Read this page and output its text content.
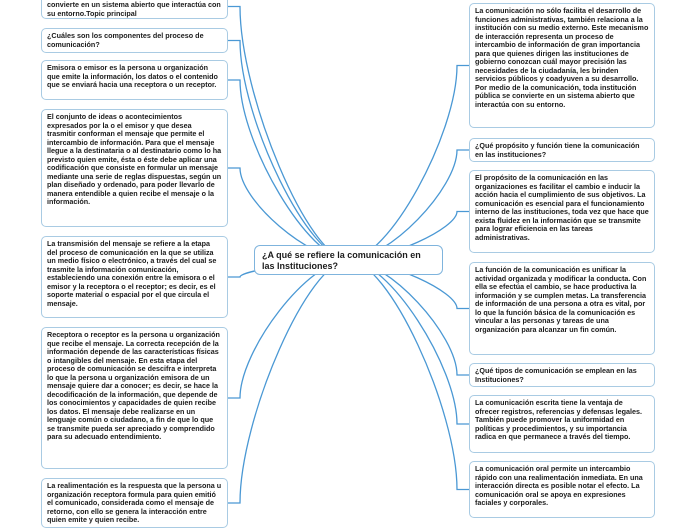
¿A qué se refiere la comunicación en las Instituciones?
convierte en un sistema abierto que interactúa con su entorno.Topic principal
¿Cuáles son los componentes del proceso de comunicación?
Emisora o emisor es la persona u organización que emite la información, los datos o el contenido que se enviará hacia una receptora o un receptor.
El conjunto de ideas o acontecimientos expresados por la o el emisor y que desea trasmitir conforman el mensaje que permite el intercambio de información. Para que el mensaje llegue a la destinataria o al destinatario como lo ha previsto quien emite, ésta o éste debe aplicar una codificación que consiste en formular un mensaje mediante una serie de reglas dispuestas, según un plan diseñado y ordenado, para poder llevarlo de manera entendible a quien recibe el mensaje o la información.
La transmisión del mensaje se refiere a la etapa del proceso de comunicación en la que se utiliza un medio físico o electrónico, a través del cual se trasmite la información comunicación, estableciendo una conexión entre la emisora o el emisor y la receptora o el receptor; es decir, es el soporte material o espacial por el que circula el mensaje.
Receptora o receptor es la persona u organización que recibe el mensaje. La correcta recepción de la información depende de las características físicas o intangibles del mensaje. En esta etapa del proceso de comunicación se descifra e interpreta lo que la persona u organización emisora de un mensaje quiere dar a conocer; es decir, se hace la decodificación de la información, que depende de los conocimientos y capacidades de quien recibe los datos. El mensaje debe realizarse en un lenguaje común o ciudadano, a fin de que lo que se transmite pueda ser apreciado y comprendido para su adecuado entendimiento.
La realimentación es la respuesta que la persona u organización receptora formula para quien emitió el comunicado, considerada como el mensaje de retorno, con ello se genera la interacción entre quien emite y quien recibe.
La comunicación no sólo facilita el desarrollo de funciones administrativas, también relaciona a la institución con su medio externo. Este mecanismo de interacción representa un proceso de intercambio de información de gran importancia para que quienes dirigen las instituciones de gobierno conozcan cuál mayor precisión las necesidades de la ciudadanía, les brinden servicios públicos y coadyuven a su desarrollo. Por medio de la comunicación, toda institución pública se convierte en un sistema abierto que interactúa con su entorno.
¿Qué propósito y función tiene la comunicación en las instituciones?
El propósito de la comunicación en las organizaciones es facilitar el cambio e inducir la acción hacia el cumplimiento de sus objetivos. La comunicación es esencial para el funcionamiento interno de las instituciones, toda vez que hace que exista fluidez en la información que se transmite para lograr eficiencia en las tareas administrativas.
La función de la comunicación es unificar la actividad organizada y modificar la conducta. Con ella se efectúa el cambio, se hace productiva la información y se cumplen metas. La transferencia de información de una persona a otra es vital, por lo que la función básica de la comunicación es vincular a las personas y tareas de una organización para alcanzar un fin común.
¿Qué tipos de comunicación se emplean en las Instituciones?
La comunicación escrita tiene la ventaja de ofrecer registros, referencias y defensas legales. También puede promover la uniformidad en políticas y procedimientos, y su importancia radica en que permanece a través del tiempo.
La comunicación oral permite un intercambio rápido con una realimentación inmediata. En una interacción directa es posible notar el efecto. La comunicación oral se apoya en expresiones faciales y corporales.
